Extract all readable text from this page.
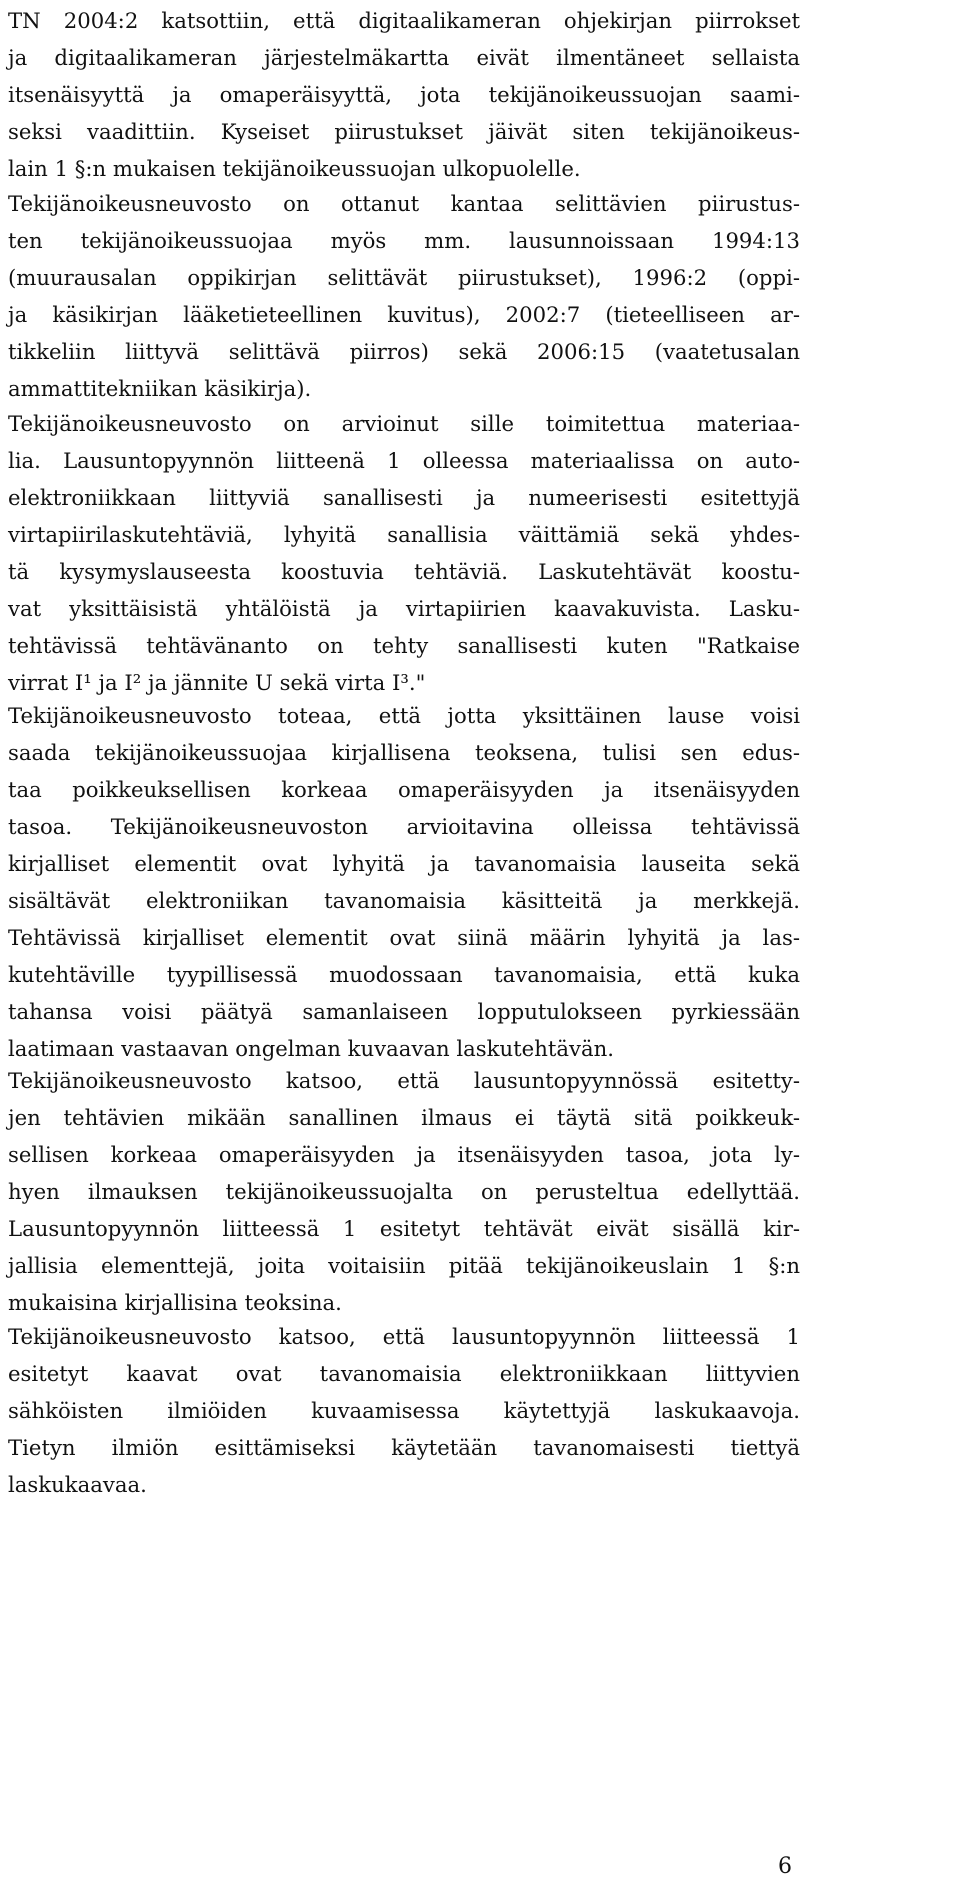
TN 2004:2 katsottiin, että digitaalikameran ohjekirjan piirrokset
ja digitaalikameran järjestelmäkartta eivät ilmentäneet sellaista
itsenäisyyttä ja omaperäisyyttä, jota tekijänoikeussuojan saami-
seksi vaadittiin. Kyseiset piirustukset jäivät siten tekijänoikeus-
lain 1 §:n mukaisen tekijänoikeussuojan ulkopuolelle.
Tekijänoikeusneuvosto on ottanut kantaa selittävien piirustus-
ten tekijänoikeussuojaa myös mm. lausunnoissaan 1994:13
(muurausalan oppikirjan selittävät piirustukset), 1996:2 (oppi-
ja käsikirjan lääketieteellinen kuvitus), 2002:7 (tieteelliseen ar-
tikkeliin liittyvä selittävä piirros) sekä 2006:15 (vaatetusalan
ammattitekniikan käsikirja).
Tekijänoikeusneuvosto on arvioinut sille toimitettua materiaa-
lia. Lausuntopyynnön liitteenä 1 olleessa materiaalissa on auto-
elektroniikkaan liittyviä sanallisesti ja numeerisesti esitettyjä
virtapiirilaskutehtäviä, lyhyitä sanallisia väittämiä sekä yhdes-
tä kysymyslauseesta koostuvia tehtäviä. Laskutehtävät koostu-
vat yksittäisistä yhtälöistä ja virtapiirien kaavakuvista. Lasku-
tehtävissä tehtävänanto on tehty sanallisesti kuten "Ratkaise
virrat I¹ ja I² ja jännite U sekä virta I³."
Tekijänoikeusneuvosto toteaa, että jotta yksittäinen lause voisi
saada tekijänoikeussuojaa kirjallisena teoksena, tulisi sen edus-
taa poikkeuksellisen korkeaa omaperäisyyden ja itsenäisyyden
tasoa. Tekijänoikeusneuvoston arvioitavina olleissa tehtävissä
kirjalliset elementit ovat lyhyitä ja tavanomaisia lauseita sekä
sisältävät elektroniikan tavanomaisia käsitteitä ja merkkejä.
Tehtävissä kirjalliset elementit ovat siinä määrin lyhyitä ja las-
kutehtäville tyypillisessä muodossaan tavanomaisia, että kuka
tahansa voisi päätyä samanlaiseen lopputulokseen pyrkiessään
laatimaan vastaavan ongelman kuvaavan laskutehtävän.
Tekijänoikeusneuvosto katsoo, että lausuntopyynnössä esitetty-
jen tehtävien mikään sanallinen ilmaus ei täytä sitä poikkeuk-
sellisen korkeaa omaperäisyyden ja itsenäisyyden tasoa, jota ly-
hyen ilmauksen tekijänoikeussuojalta on perusteltua edellyttää.
Lausuntopyynnön liitteessä 1 esitetyt tehtävät eivät sisällä kir-
jallisia elementtejä, joita voitaisiin pitää tekijänoikeuslain 1 §:n
mukaisina kirjallisina teoksina.
Tekijänoikeusneuvosto katsoo, että lausuntopyynnön liitteessä 1
esitetyt kaavat ovat tavanomaisia elektroniikkaan liittyvien
sähköisten ilmiöiden kuvaamisessa käytettyjä laskukaavoja.
Tietyn ilmiön esittämiseksi käytetään tavanomaisesti tiettyä
laskukaavaa.
6
